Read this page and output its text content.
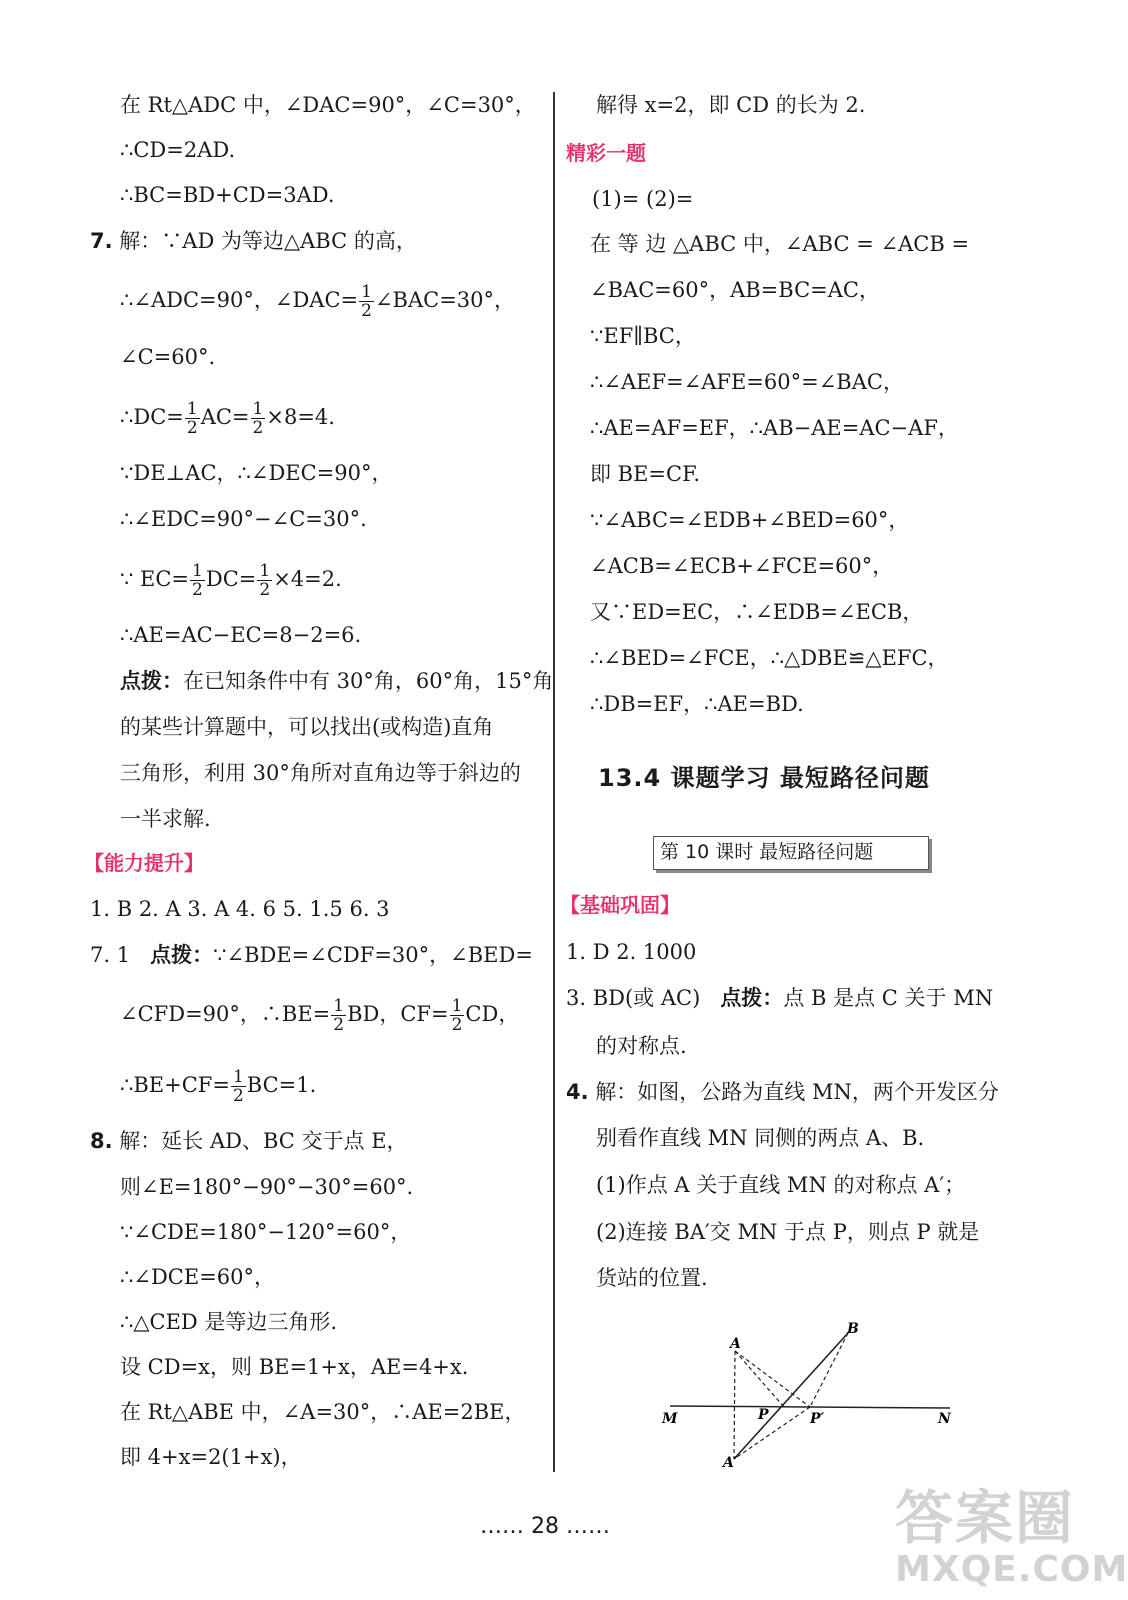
在 Rt△ADC 中，∠DAC=90°，∠C=30°，
∴CD=2AD.
∴BC=BD+CD=3AD.
7. 解：∵AD 为等边△ABC 的高，
∴∠ADC=90°，∠DAC= $\frac{1}{2}$ ∠BAC=30°，
∠C=60°.
∴DC= $\frac{1}{2} AC= \frac{1}{2} \times 8=4$.
∵DE⊥AC，∴∠DEC=90°，
∴∠EDC=90°−∠C=30°.
∵ $EC= \frac{1}{2} DC= \frac{1}{2} \times 4=2$.
∴AE=AC−EC=8−2=6.
点拨：在已知条件中有 30°角，60°角，15°角
的某些计算题中，可以找出(或构造)直角
三角形，利用 30°角所对直角边等于斜边的
一半求解.
【能力提升】
1. B 2. A 3. A 4. 6 5. 1.5 6. 3
7. 1 点拨：∵∠BDE=∠CDF=30°，∠BED=
∠CFD=90°，∴BE= $\frac{1}{2}$ BD，$CF= \frac{1}{2}$ CD，
∴BE+CF= $\frac{1}{2} BC=1$.
8. 解：延长 AD、BC 交于点 E，
则∠E=180°−90°−30°=60°.
∵∠CDE=180°−120°=60°，
∴∠DCE=60°，
∴△CED 是等边三角形.
设 CD=x，则 BE=1+x，AE=4+x.
在 Rt△ABE 中，∠A=30°，∴AE=2BE，
即 4+x=2(1+x)，
解得 x=2，即 CD 的长为 2.
精彩一题
(1)= (2)=
在 等 边 △ABC 中，∠ABC = ∠ACB =
∠BAC=60°，AB=BC=AC，
∵EF∥BC，
∴∠AEF=∠AFE=60°=∠BAC，
∴AE=AF=EF，∴AB−AE=AC−AF，
即 BE=CF.
∵∠ABC=∠EDB+∠BED=60°，
∠ACB=∠ECB+∠FCE=60°，
又∵ED=EC，∴∠EDB=∠ECB，
∴∠BED=∠FCE，∴△DBE≌△EFC，
∴DB=EF，∴AE=BD.
13.4 课题学习 最短路径问题
第 10 课时 最短路径问题
【基础巩固】
1. D 2. 1000
3. BD(或 AC) 点拨：点 B 是点 C 关于 MN
的对称点.
4. 解：如图，公路为直线 MN，两个开发区分
别看作直线 MN 同侧的两点 A、B.
(1)作点 A 关于直线 MN 的对称点 A′；
(2)连接 BA′交 MN 于点 P，则点 P 就是
货站的位置.
A
B
M	N
P	P′
A′
…… 28 ……	答案圈
MXQE.COM
